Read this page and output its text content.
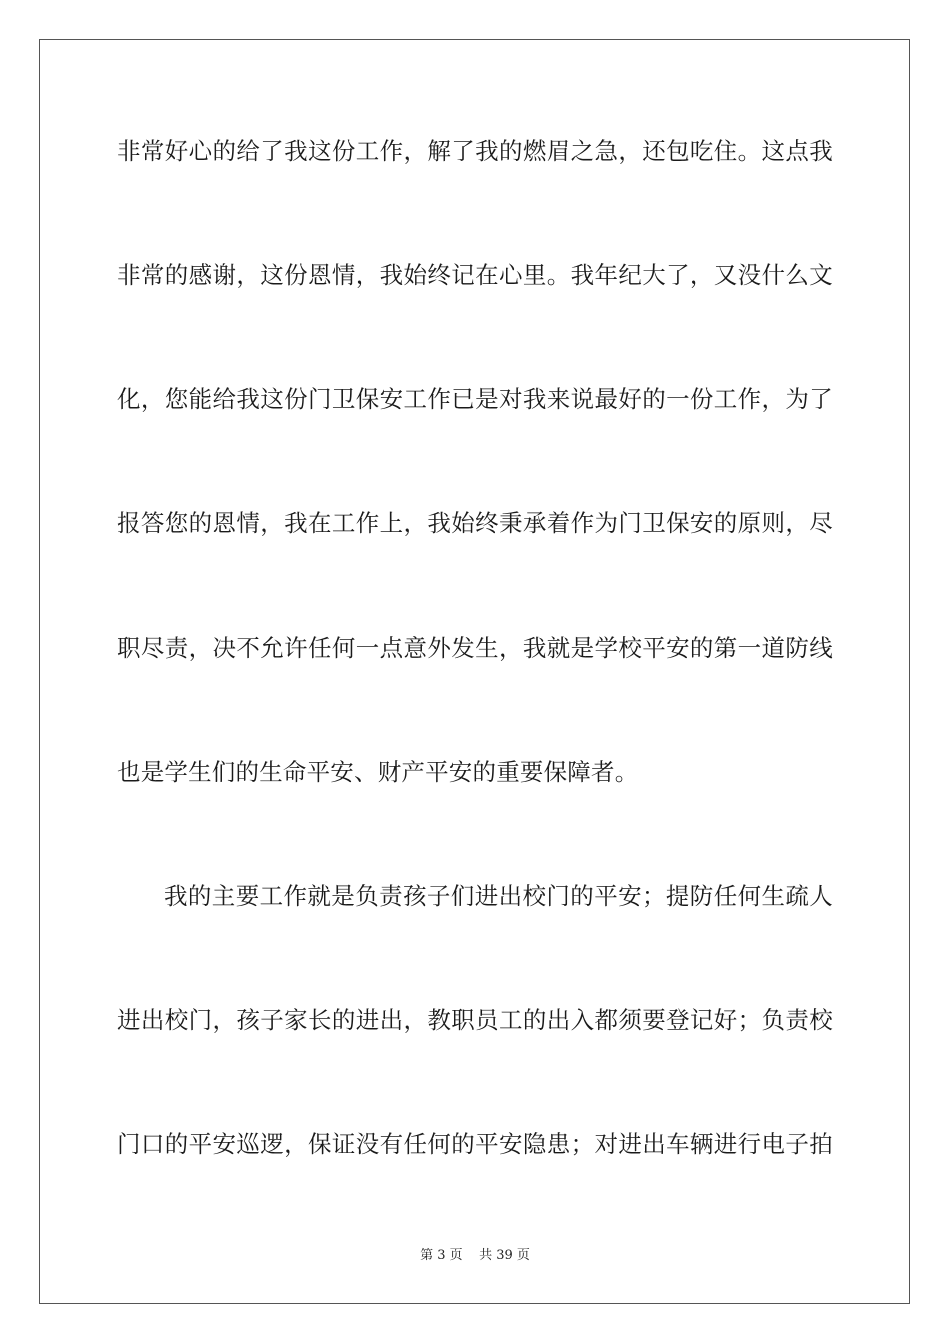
非常好心的给了我这份工作，解了我的燃眉之急，还包吃住。这点我
非常的感谢，这份恩情，我始终记在心里。我年纪大了，又没什么文
化，您能给我这份门卫保安工作已是对我来说最好的一份工作，为了
报答您的恩情，我在工作上，我始终秉承着作为门卫保安的原则，尽
职尽责，决不允许任何一点意外发生，我就是学校平安的第一道防线
也是学生们的生命平安、财产平安的重要保障者。
我的主要工作就是负责孩子们进出校门的平安；提防任何生疏人
进出校门，孩子家长的进出，教职员工的出入都须要登记好；负责校
门口的平安巡逻，保证没有任何的平安隐患；对进出车辆进行电子拍
第 3 页    共 39 页
